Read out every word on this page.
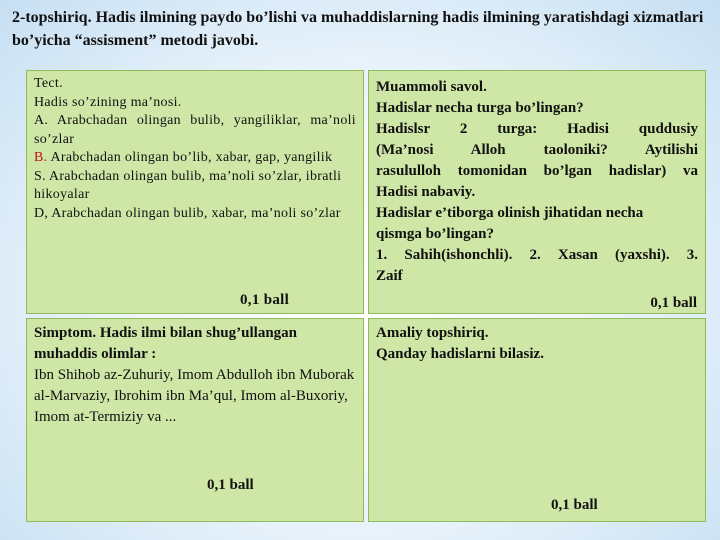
2-topshiriq. Hadis ilmining paydo bo’lishi va muhaddislarning hadis ilmining yaratishdagi xizmatlari bo’yicha “assisment” metodi javobi.
Tect.
Hadis so’zining ma’nosi.
A. Arabchadan olingan bulib, yangiliklar, ma’noli so’zlar
B. Arabchadan olingan bo’lib, xabar, gap, yangilik
S. Arabchadan olingan bulib, ma’noli so’zlar, ibratli hikoyalar
D, Arabchadan olingan bulib, xabar, ma’noli so’zlar
0,1 ball
Muammoli savol.
Hadislar necha turga bo’lingan?
Hadislsr 2 turga: Hadisi quddusiy
(Ma’nosi Alloh taoloniki? Aytilishi
rasululloh tomonidan bo’lgan hadislar) va
Hadisi nabaviy.
Hadislar e’tiborga olinish jihatidan necha
qismga bo’lingan?
1. Sahih(ishonchli). 2. Xasan (yaxshi). 3.
Zaif
0,1 ball
Simptom. Hadis ilmi bilan shug’ullangan muhaddis olimlar :
Ibn Shihob az-Zuhuriy, Imom Abdulloh ibn Muborak al-Marvaziy, Ibrohim ibn Ma’qul, Imom al-Buxoriy, Imom at-Termiziy va ...
0,1 ball
Amaliy topshiriq.
Qanday hadislarni bilasiz.
0,1 ball
